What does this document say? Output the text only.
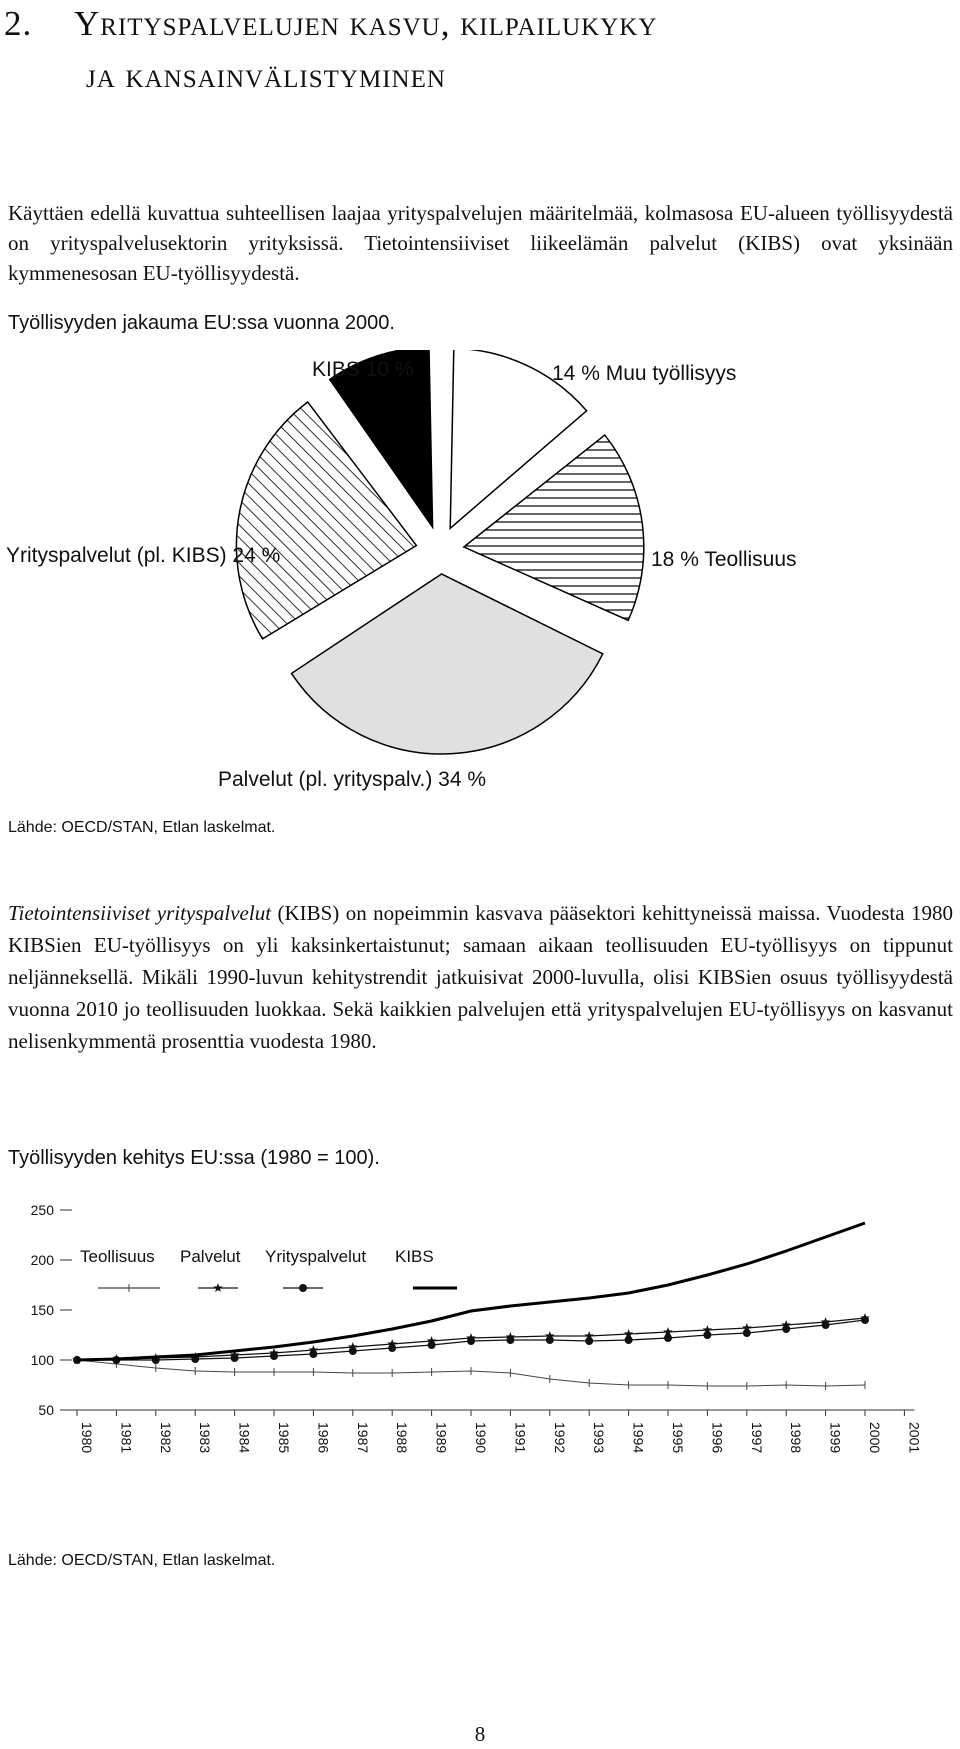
2. Yrityspalvelujen kasvu, kilpailukyky
ja kansainvälistyminen
Käyttäen edellä kuvattua suhteellisen laajaa yrityspalvelujen määritelmää, kolmasosa EU-alueen työllisyydestä on yrityspalvelusektorin yrityksissä. Tietointensiiviset liikeelämän palvelut (KIBS) ovat yksinään kymmenesosan EU-työllisyydestä.
Työllisyyden jakauma EU:ssa vuonna 2000.
KIBS 10 %	14 % Muu työllisyys
Yrityspalvelut (pl. KIBS) 24 %	18 % Teollisuus
Palvelut (pl. yrityspalv.) 34 %
Lähde: OECD/STAN, Etlan laskelmat.
Tietointensiiviset yrityspalvelut (KIBS) on nopeimmin kasvava pääsektori kehittyneissä maissa. Vuodesta 1980 KIBSien EU-työllisyys on yli kaksinkertaistunut; samaan aikaan teollisuuden EU-työllisyys on tippunut neljänneksellä. Mikäli 1990-luvun kehitystrendit jatkuisivat 2000-luvulla, olisi KIBSien osuus työllisyydestä vuonna 2010 jo teollisuuden luokkaa. Sekä kaikkien palvelujen että yrityspalvelujen EU-työllisyys on kasvanut nelisenkymmentä prosenttia vuodesta 1980.
Työllisyyden kehitys EU:ssa (1980 = 100).
50
100
150
200
250
1980 1981 1982 1983 1984 1985 1986 1987 1988 1989 1990 1991 1992 1993 1994 1995 1996 1997 1998 1999 2000 2001
Teollisuus Palvelut Yrityspalvelut KIBS
Lähde: OECD/STAN, Etlan laskelmat.
8
